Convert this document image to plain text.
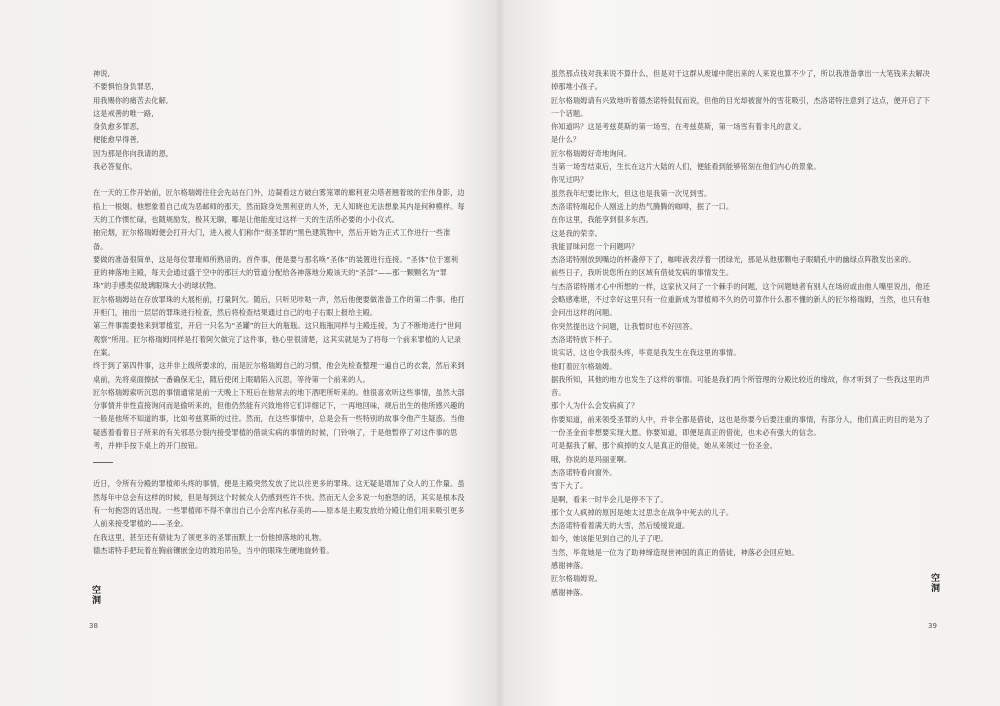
神说,

不要惧怕身负罪恶,

用我赐你的痛苦去化解,

这是戒善的唯一路,

身负愈多罪恶,

便能愈早得善,

因为那是你向我请的恩,

我必答复你。

在一天的工作开始前，匠尔格瑞姆往往会先站在门外，边凝看这方破白雾笼罩的廊利亚尖塔者翘着玻的宏伟身影，边掐上一根烟。他想象着自己成为恶邮师的那天，然而除身处黑利亚的人外，无人知晓也无法想象其内是何种模样。每天的工作惯忙碌，也随规励发，极其无聊，哪是让他能度过这样一天的生活所必要的小小仪式。

抽完烟，匠尔格瑞姆便会打开大门，进入被人们称作“彻圣罪的”黑色建筑物中，然后开始为正式工作进行一些准备。

要做的准备很简单，这是每位罪璀师所熟谙的。首件事，便是要与那名唤“圣体”的装置进行连接。“圣体”位于塞利亚的神落地主殿，每天会通过盛于空中的那巨大的管道分配给各神落地分殿该天的“圣部”——那一颗颗名为“罪珠”的手感类似玻璃眼珠大小的球状物。

匠尔格瑞姆站在存放罪珠的大展柜前，打量阿欠。随后，只听见咔哒一声，然后他便要做准备工作的第二件事。他打开柜门，抽出一层层的罪珠进行检查，然后将检查结果通过自己的电子右眼上报给主殿。

第三件事需要他来到罪植室，开启一只名为“圣罐”的巨大的瓶瓶。这只瓶瓶同样与主殿连接，为了不断地进行“世间观察”所用。匠尔格瑞姆同样是打着阿欠做完了这件事，他心里很清楚，这其实就是为了将每一个前来罪植的人记录在案。

终于到了第四件事，这并非上级所要求的，而是匠尔格瑞姆自己的习惯，他会先检查整理一遍自己的衣裳，然后来到桌前，先将桌面擦拭一番确保无尘，随后使闭上眼睛陷入沉思，等待第一个前来的人。

匠尔格瑞姆索听沉思的事情通常是前一天晚上下班后在他常去的地下酒吧所听来的。他很喜欢听这些事情，虽然大部分事情并非性直接询问而是偷听来的，但他仍然能有兴致地将它们详细记下，一再地回味，规后出生的他所感兴趣的一般是他所不知道的事，比如考兹莫斯的过往。然而，在这些事情中，总是会有一些特别的故事令他产生疑惑。当他疑惑着看着日子所来的有关邪恶分裂内接受罪植的借谈实病的事情的时候，门铃响了，于是他暂停了对这件事的思考，并伸手按下桌上的开门按钮。

近日，令所有分殿的罪植师头疼的事情，便是主殿突然发放了比以往更多的罪珠。这无疑是增加了众人的工作量。虽然每年中总会有这样的时候，但是每到这个时候众人仍感到些许不快。然而无人会多说一句抱怨的话，其实是根本没有一句抱怨的话出现。一些罪植师不得不拿出自己小会库内私存美的——原本是主殿发放给分殿让他们用来吸引更多人前来接受罪植的——圣金。

在我这里，甚至还有债徒为了领更多的圣罪而默上一份他掉落地的礼物。

德杰诺特手把玩着在胸前镶嵌金边的玻珀吊坠，当中的眼珠生硬地旋转着。

空洞
38

虽然那点钱对我来说不算什么，但是对于这群从废墟中爬出来的人来说也算不少了，所以我准备拿出一大笔钱来去解决掉那堆小孩子。

匠尔格瑞姆请有兴致地听着德杰诺特侃侃而说，但他的目光却被窗外的雪花吸引，杰洛诺特注意到了这点，便开启了下一个话题。

你知道吗？这是考兹莫斯的第一场雪，在考兹莫斯，第一场雪有着非凡的意义。

是什么？

匠尔格瑞姆好奇地询问。

当第一场雪结束后，生长在这片大陆的人们，便能看到能够铭刻在他们内心的景象。

你见过吗？

虽然我年纪要比你大，但这也是我第一次见到雪。

杰洛诺特端起仆人刚送上的热气腾腾的咖啡，抿了一口。

在你这里，我能享到很多东西。

这是我的荣幸。

我能冒昧问您一个问题吗？

杰洛诺特刚放到嘴边的杯盏停下了，咖啡液表浮着一团绿光，那是从他那颗电子眼睛孔中的幽绿点阵散发出来的。

前些日子，我听说您所在的区域有借徒发病的事情发生。

与杰洛诺特刚才心中所想的一样，这家伙又问了一个棘手的问题，这个问题她者有别人在场府或由他人嘴里说出，他还会略感难堪，不过幸好这里只有一位重新成为罪植师不久的仍可算作什么都不懂的新人的匠尔格瑞姆，当然，也只有他会问出这样的问题。

你突然提出这个问题，让我暂时也不好回答。

杰洛诺特放下杯子。

说实话，这也令我很头疼，毕竟是我发生在我这里的事情。

他盯着匠尔格瑞姆。

据我所知，其他的地方也发生了这样的事情。可能是我们两个所管理的分殿比较近的缘故，你才听到了一些我这里的声音。

那个人为什么会发病疯了？

你要知道，前来领受圣罪的人中，并非全都是借徒，这也是你要今后要注重的事情，有部分人，他们真正的目的是为了一份圣金而非想要实现大愿。你要知道，即便是真正的借徒，也未必有强大的信念。

可是据我了解，那个疯掉的女人是真正的借徒，她从来领过一份圣金。

哦，你说的是玛丽亚啊。

杰洛诺特看向窗外。

雪下大了。

是啊，看来一时半会儿是停不下了。

那个女人疯掉的原因是她太过思念在战争中死去的儿子。

杰洛诺特看着满天的大雪，然后缓缓说道。

如今，她该能见到自己的儿子了吧。

当然，毕竟她是一位为了助神缔造现世神国的真正的借徒，神落必会回应她。

感谢神落。

匠尔格瑞姆说。

感谢神落。	空洞
39
